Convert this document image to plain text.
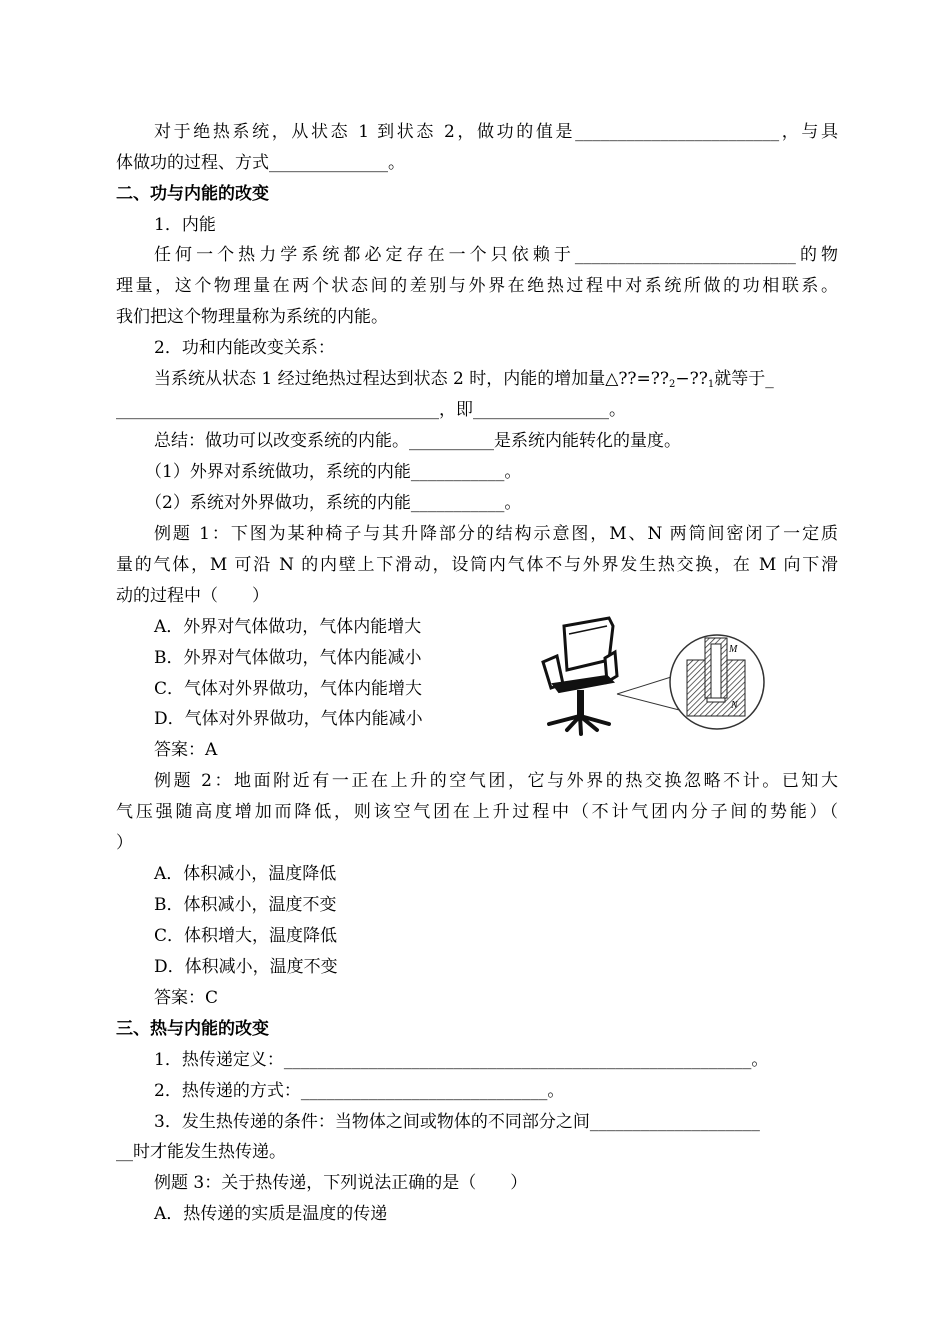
对于绝热系统，从状态 1 到状态 2，做功的值是________________________，与具
体做功的过程、方式______________。
二、功与内能的改变
1．内能
任何一个热力学系统都必定存在一个只依赖于__________________________的物
理量，这个物理量在两个状态间的差别与外界在绝热过程中对系统所做的功相联系。
我们把这个物理量称为系统的内能。
2．功和内能改变关系：
当系统从状态 1 经过绝热过程达到状态 2 时，内能的增加量$\triangle??=??_2-??_1$就等于_
______________________________________，即________________。
总结：做功可以改变系统的内能。__________是系统内能转化的量度。
（1）外界对系统做功，系统的内能___________。
（2）系统对外界做功，系统的内能___________。
例题 1：下图为某种椅子与其升降部分的结构示意图，M、N 两筒间密闭了一定质
量的气体，M 可沿 N 的内壁上下滑动，设筒内气体不与外界发生热交换，在 M 向下滑
动的过程中（　　）
A．外界对气体做功，气体内能增大
B．外界对气体做功，气体内能减小
C．气体对外界做功，气体内能增大
D．气体对外界做功，气体内能减小
答案：A
M
N
例题 2：地面附近有一正在上升的空气团，它与外界的热交换忽略不计。已知大
气压强随高度增加而降低，则该空气团在上升过程中（不计气团内分子间的势能）（
）
A．体积减小，温度降低
B．体积减小，温度不变
C．体积增大，温度降低
D．体积减小，温度不变
答案：C
三、热与内能的改变
1．热传递定义：_______________________________________________________。
2．热传递的方式：_____________________________。
3．发生热传递的条件：当物体之间或物体的不同部分之间____________________
__时才能发生热传递。
例题 3：关于热传递，下列说法正确的是（　　）
A．热传递的实质是温度的传递
